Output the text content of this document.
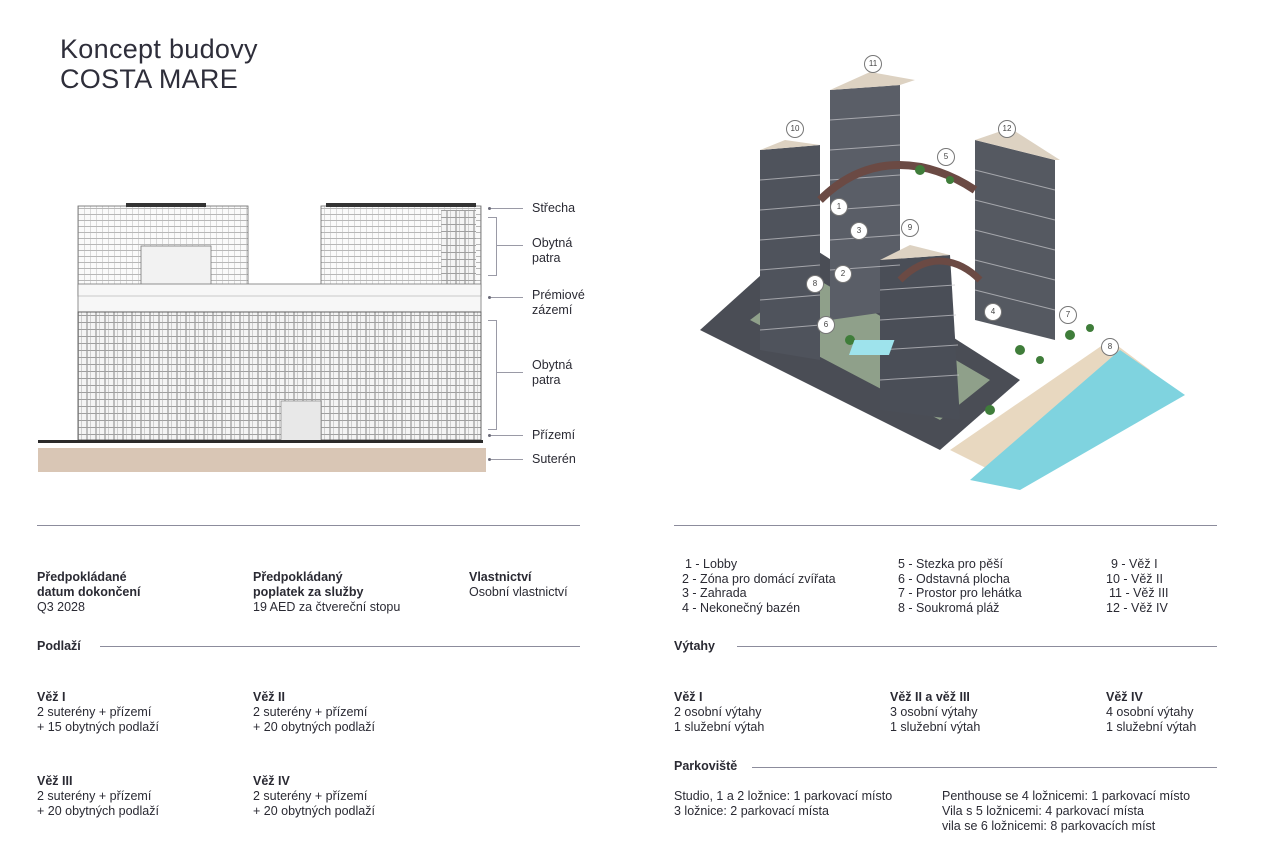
Koncept budovy
COSTA MARE
Střecha
Obytná
patra
Prémiové
zázemí
Obytná
patra
Přízemí
Suterén
11
10	12
5
1
3	9
2
8
4
6
7
8
Předpokládané
datum dokončení
Q3 2028
Předpokládaný
poplatek za služby
19 AED za čtvereční stopu
Vlastnictví
Osobní vlastnictví
Podlaží
Věž I
2 suterény + přízemí
+ 15 obytných podlaží
Věž II
2 suterény + přízemí
+ 20 obytných podlaží
Věž III
2 suterény + přízemí
+ 20 obytných podlaží
Věž IV
2 suterény + přízemí
+ 20 obytných podlaží
1 - Lobby
2 - Zóna pro domácí zvířata
3 - Zahrada
4 - Nekonečný bazén
5 - Stezka pro pěší
6 - Odstavná plocha
7 - Prostor pro lehátka
8 - Soukromá pláž
9 - Věž I
10 - Věž II
11 - Věž III
12 - Věž IV
Výtahy
Věž I
2 osobní výtahy
1 služební výtah
Věž II a věž III
3 osobní výtahy
1 služební výtah
Věž IV
4 osobní výtahy
1 služební výtah
Parkoviště
Studio, 1 a 2 ložnice: 1 parkovací místo
3 ložnice: 2 parkovací místa
Penthouse se 4 ložnicemi: 1 parkovací místo
Vila s 5 ložnicemi: 4 parkovací místa
vila se 6 ložnicemi: 8 parkovacích míst
